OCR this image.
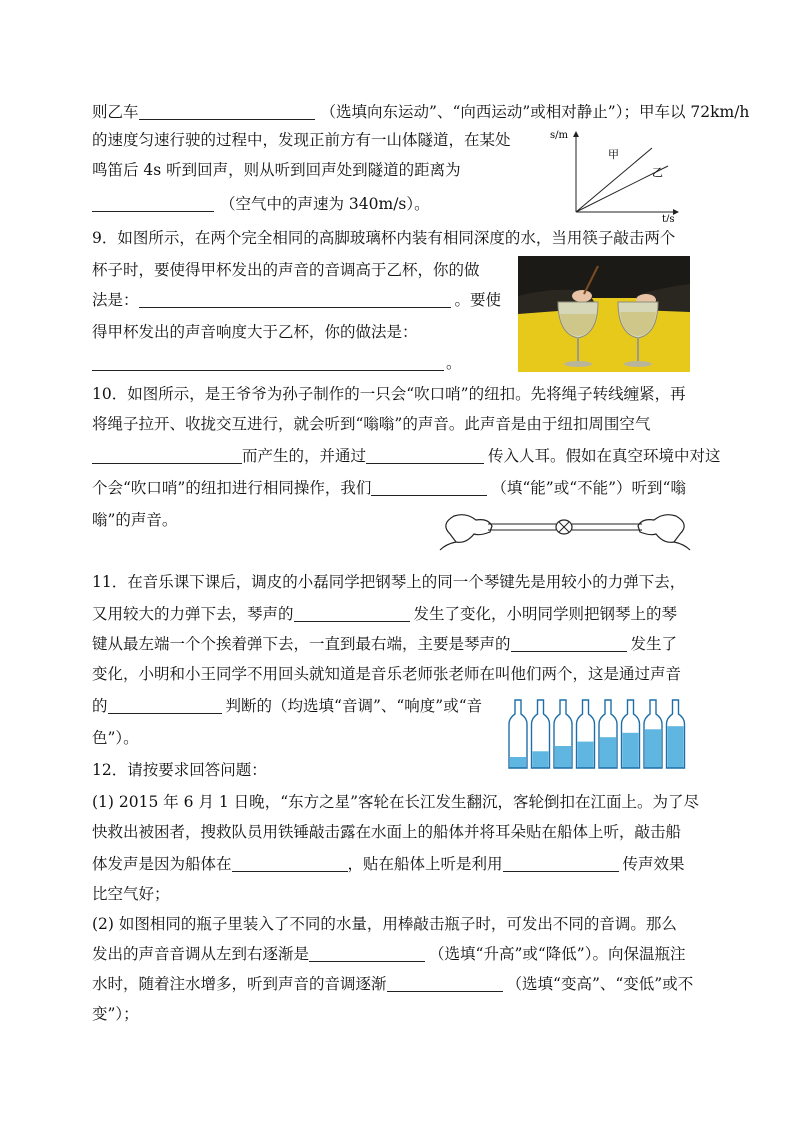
则乙车	（选填向东运动”、“向西运动”或相对静止”）；甲车以 72km/h
的速度匀速行驶的过程中，发现正前方有一山体隧道，在某处
鸣笛后 4s 听到回声，则从听到回声处到隧道的距离为
（空气中的声速为 340m/s）。
s/m
t/s
甲
乙
9．如图所示，在两个完全相同的高脚玻璃杯内装有相同深度的水，当用筷子敲击两个
杯子时，要使得甲杯发出的声音的音调高于乙杯，你的做
法是：	。要使
得甲杯发出的声音响度大于乙杯，你的做法是：
。
10．如图所示，是王爷爷为孙子制作的一只会“吹口哨”的纽扣。先将绳子转线缠紧，再
将绳子拉开、收拢交互进行，就会听到“嗡嗡”的声音。此声音是由于纽扣周围空气
而产生的，并通过	传入人耳。假如在真空环境中对这
个会“吹口哨”的纽扣进行相同操作，我们	（填“能”或“不能”）听到“嗡
嗡”的声音。
11．在音乐课下课后，调皮的小磊同学把钢琴上的同一个琴键先是用较小的力弹下去，
又用较大的力弹下去，琴声的	发生了变化，小明同学则把钢琴上的琴
键从最左端一个个挨着弹下去，一直到最右端，主要是琴声的	发生了
变化，小明和小王同学不用回头就知道是音乐老师张老师在叫他们两个，这是通过声音
的	判断的（均选填“音调”、“响度”或“音
色”）。
12．请按要求回答问题：
(1) 2015 年 6 月 1 日晚，“东方之星”客轮在长江发生翻沉，客轮倒扣在江面上。为了尽
快救出被困者，搜救队员用铁锤敲击露在水面上的船体并将耳朵贴在船体上听，敲击船
体发声是因为船体在	，贴在船体上听是利用	传声效果
比空气好；
(2) 如图相同的瓶子里装入了不同的水量，用棒敲击瓶子时，可发出不同的音调。那么
发出的声音音调从左到右逐渐是	（选填“升高”或“降低”）。向保温瓶注
水时，随着注水增多，听到声音的音调逐渐	（选填“变高”、“变低”或不
变”）；
